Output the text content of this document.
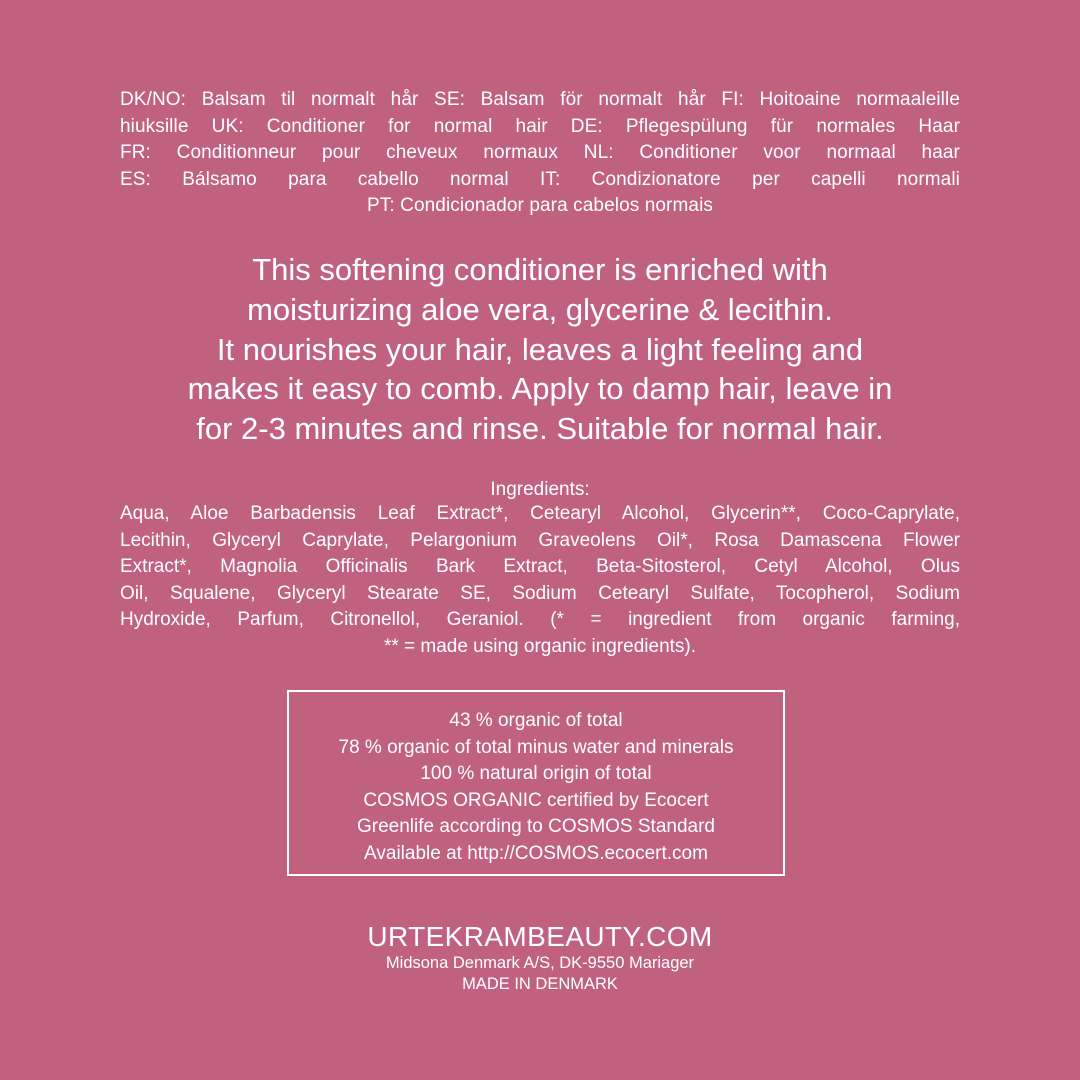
DK/NO: Balsam til normalt hår SE: Balsam för normalt hår FI: Hoitoaine normaaleille
hiuksille UK: Conditioner for normal hair DE: Pflegespülung für normales Haar
FR: Conditionneur pour cheveux normaux NL: Conditioner voor normaal haar
ES: Bálsamo para cabello normal IT: Condizionatore per capelli normali
PT: Condicionador para cabelos normais
This softening conditioner is enriched with
moisturizing aloe vera, glycerine & lecithin.
It nourishes your hair, leaves a light feeling and
makes it easy to comb. Apply to damp hair, leave in
for 2-3 minutes and rinse. Suitable for normal hair.
Ingredients:
Aqua, Aloe Barbadensis Leaf Extract*, Cetearyl Alcohol, Glycerin**, Coco-Caprylate,
Lecithin, Glyceryl Caprylate, Pelargonium Graveolens Oil*, Rosa Damascena Flower
Extract*, Magnolia Officinalis Bark Extract, Beta-Sitosterol, Cetyl Alcohol, Olus
Oil, Squalene, Glyceryl Stearate SE, Sodium Cetearyl Sulfate, Tocopherol, Sodium
Hydroxide, Parfum, Citronellol, Geraniol. (* = ingredient from organic farming,
** = made using organic ingredients).
43 % organic of total
78 % organic of total minus water and minerals
100 % natural origin of total
COSMOS ORGANIC certified by Ecocert
Greenlife according to COSMOS Standard
Available at http://COSMOS.ecocert.com
URTEKRAMBEAUTY.COM
Midsona Denmark A/S, DK-9550 Mariager
MADE IN DENMARK
